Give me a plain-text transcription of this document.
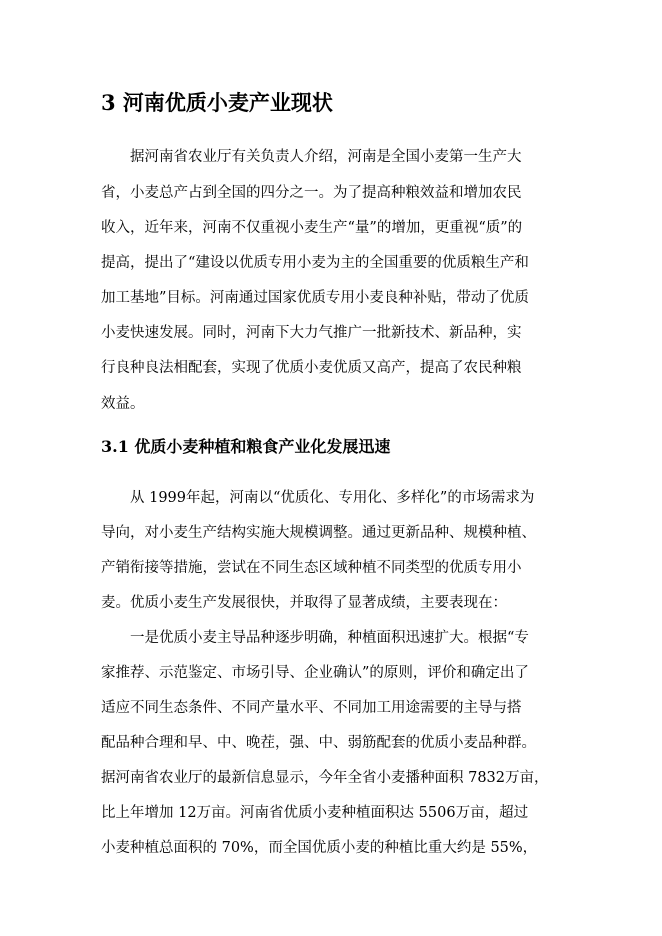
3 河南优质小麦产业现状

据河南省农业厅有关负责人介绍，河南是全国小麦第一生产大

省，小麦总产占到全国的四分之一。为了提高种粮效益和增加农民

收入，近年来，河南不仅重视小麦生产“量”的增加，更重视“质”的

提高，提出了“建设以优质专用小麦为主的全国重要的优质粮生产和

加工基地”目标。河南通过国家优质专用小麦良种补贴，带动了优质

小麦快速发展。同时，河南下大力气推广一批新技术、新品种，实

行良种良法相配套，实现了优质小麦优质又高产，提高了农民种粮

效益。

3.1 优质小麦种植和粮食产业化发展迅速

从 1999年起，河南以“优质化、专用化、多样化”的市场需求为

导向，对小麦生产结构实施大规模调整。通过更新品种、规模种植、

产销衔接等措施，尝试在不同生态区域种植不同类型的优质专用小

麦。优质小麦生产发展很快，并取得了显著成绩，主要表现在：

一是优质小麦主导品种逐步明确，种植面积迅速扩大。根据“专

家推荐、示范鉴定、市场引导、企业确认”的原则，评价和确定出了

适应不同生态条件、不同产量水平、不同加工用途需要的主导与搭

配品种合理和早、中、晚茬，强、中、弱筋配套的优质小麦品种群。

据河南省农业厅的最新信息显示，今年全省小麦播种面积 7832万亩，

比上年增加 12万亩。河南省优质小麦种植面积达 5506万亩，超过

小麦种植总面积的 70%，而全国优质小麦的种植比重大约是 55%，
